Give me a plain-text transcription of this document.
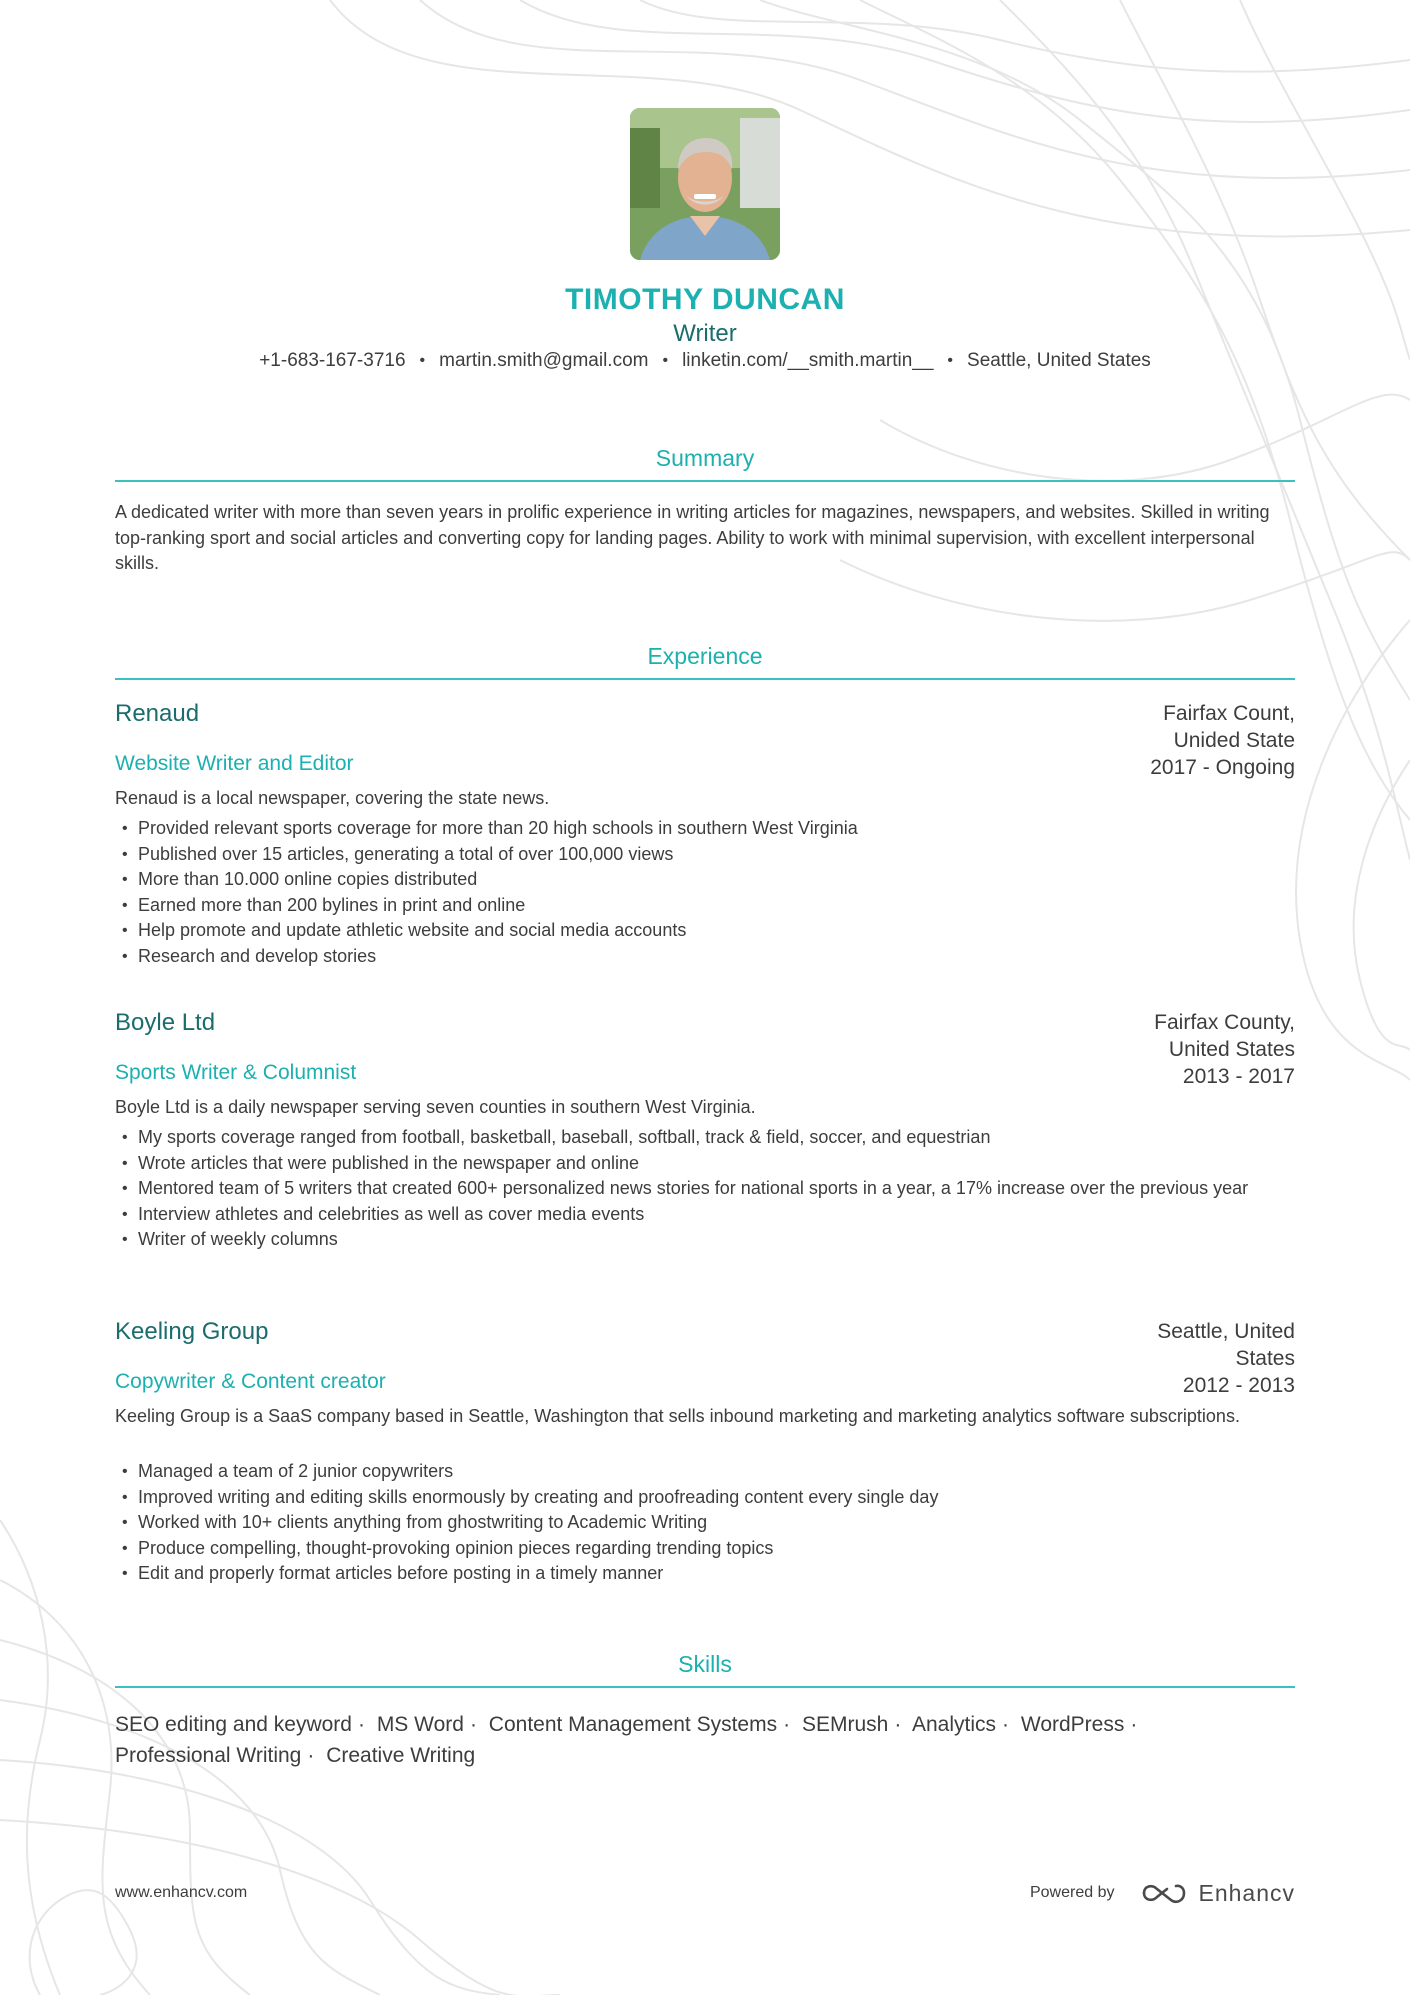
TIMOTHY DUNCAN
Writer
+1-683-167-3716 • martin.smith@gmail.com • linketin.com/__smith.martin__ • Seattle, United States
Summary
A dedicated writer with more than seven years in prolific experience in writing articles for magazines, newspapers, and websites. Skilled in writing top-ranking sport and social articles and converting copy for landing pages. Ability to work with minimal supervision, with excellent interpersonal skills.
Experience
Renaud	Fairfax Count,
Unided State
2017 - Ongoing
Website Writer and Editor
Renaud is a local newspaper, covering the state news.
• Provided relevant sports coverage for more than 20 high schools in southern West Virginia
• Published over 15 articles, generating a total of over 100,000 views
• More than 10.000 online copies distributed
• Earned more than 200 bylines in print and online
• Help promote and update athletic website and social media accounts
• Research and develop stories
Boyle Ltd	Fairfax County,
United States
2013 - 2017
Sports Writer & Columnist
Boyle Ltd is a daily newspaper serving seven counties in southern West Virginia.
• My sports coverage ranged from football, basketball, baseball, softball, track & field, soccer, and equestrian
• Wrote articles that were published in the newspaper and online
• Mentored team of 5 writers that created 600+ personalized news stories for national sports in a year, a 17% increase over the previous year
• Interview athletes and celebrities as well as cover media events
• Writer of weekly columns
Keeling Group	Seattle, United
States
2012 - 2013
Copywriter & Content creator
Keeling Group is a SaaS company based in Seattle, Washington that sells inbound marketing and marketing analytics software subscriptions.
• Managed a team of 2 junior copywriters
• Improved writing and editing skills enormously by creating and proofreading content every single day
• Worked with 10+ clients anything from ghostwriting to Academic Writing
• Produce compelling, thought-provoking opinion pieces regarding trending topics
• Edit and properly format articles before posting in a timely manner
Skills
SEO editing and keyword · MS Word · Content Management Systems · SEMrush · Analytics · WordPress ·
Professional Writing · Creative Writing
www.enhancv.com	Powered by	Enhancv
